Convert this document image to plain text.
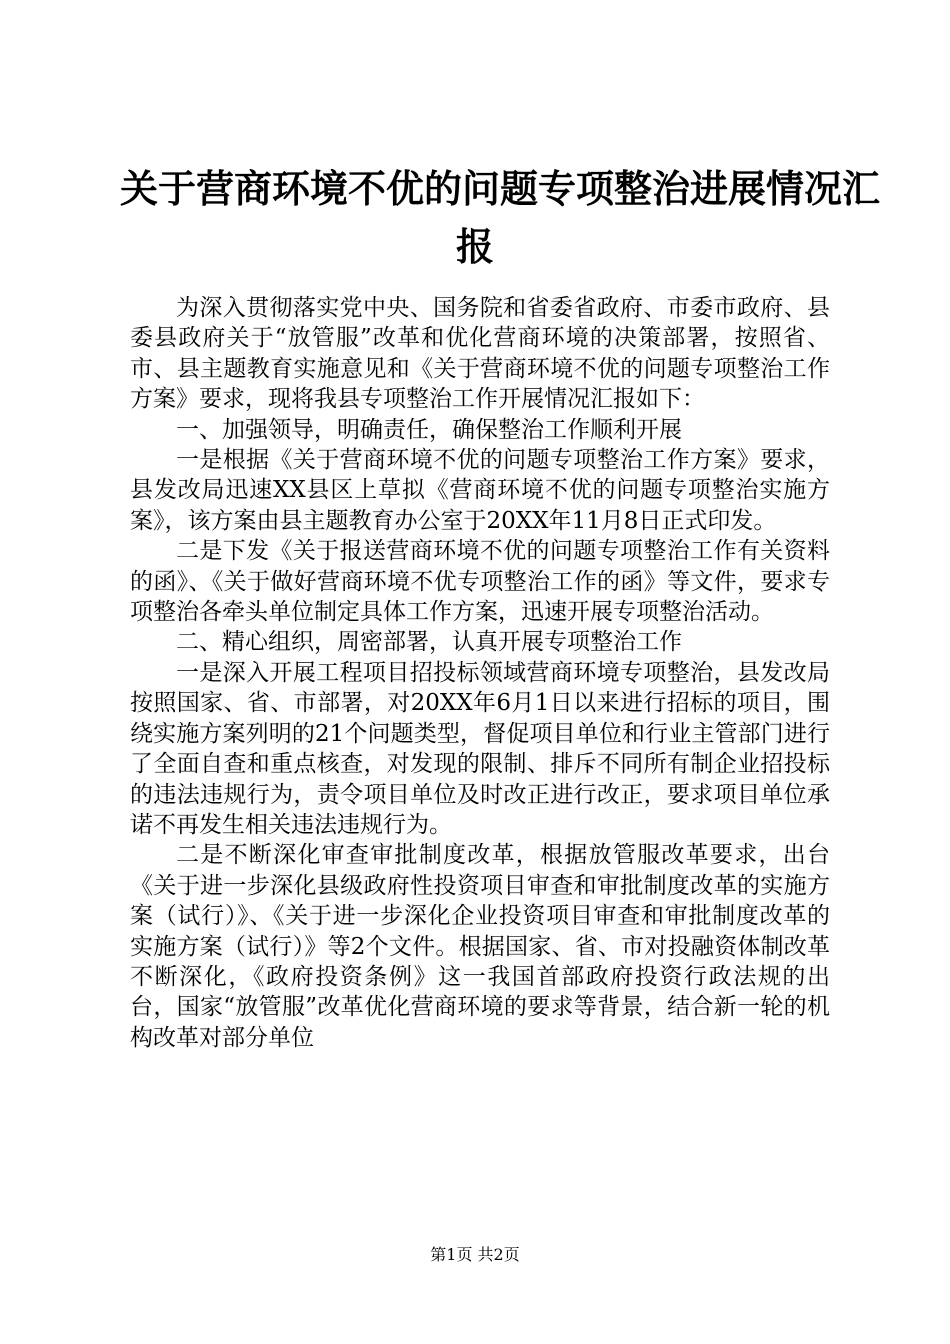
关于营商环境不优的问题专项整治进展情况汇
报

为深入贯彻落实党中央、国务院和省委省政府、市委市政府、县委县政府关于“放管服”改革和优化营商环境的决策部署，按照省、市、县主题教育实施意见和《关于营商环境不优的问题专项整治工作方案》要求，现将我县专项整治工作开展情况汇报如下：

一、加强领导，明确责任，确保整治工作顺利开展

一是根据《关于营商环境不优的问题专项整治工作方案》要求，县发改局迅速XX县区上草拟《营商环境不优的问题专项整治实施方案》，该方案由县主题教育办公室于20XX年11月8日正式印发。

二是下发《关于报送营商环境不优的问题专项整治工作有关资料的函》、《关于做好营商环境不优专项整治工作的函》等文件，要求专项整治各牵头单位制定具体工作方案，迅速开展专项整治活动。

二、精心组织，周密部署，认真开展专项整治工作

一是深入开展工程项目招投标领域营商环境专项整治，县发改局按照国家、省、市部署，对20XX年6月1日以来进行招标的项目，围绕实施方案列明的21个问题类型，督促项目单位和行业主管部门进行了全面自查和重点核查，对发现的限制、排斥不同所有制企业招投标的违法违规行为，责令项目单位及时改正进行改正，要求项目单位承诺不再发生相关违法违规行为。

二是不断深化审查审批制度改革，根据放管服改革要求，出台《关于进一步深化县级政府性投资项目审查和审批制度改革的实施方案（试行）》、《关于进一步深化企业投资项目审查和审批制度改革的实施方案（试行）》等2个文件。根据国家、省、市对投融资体制改革不断深化，《政府投资条例》这一我国首部政府投资行政法规的出台，国家“放管服”改革优化营商环境的要求等背景，结合新一轮的机构改革对部分单位

第1页 共2页
